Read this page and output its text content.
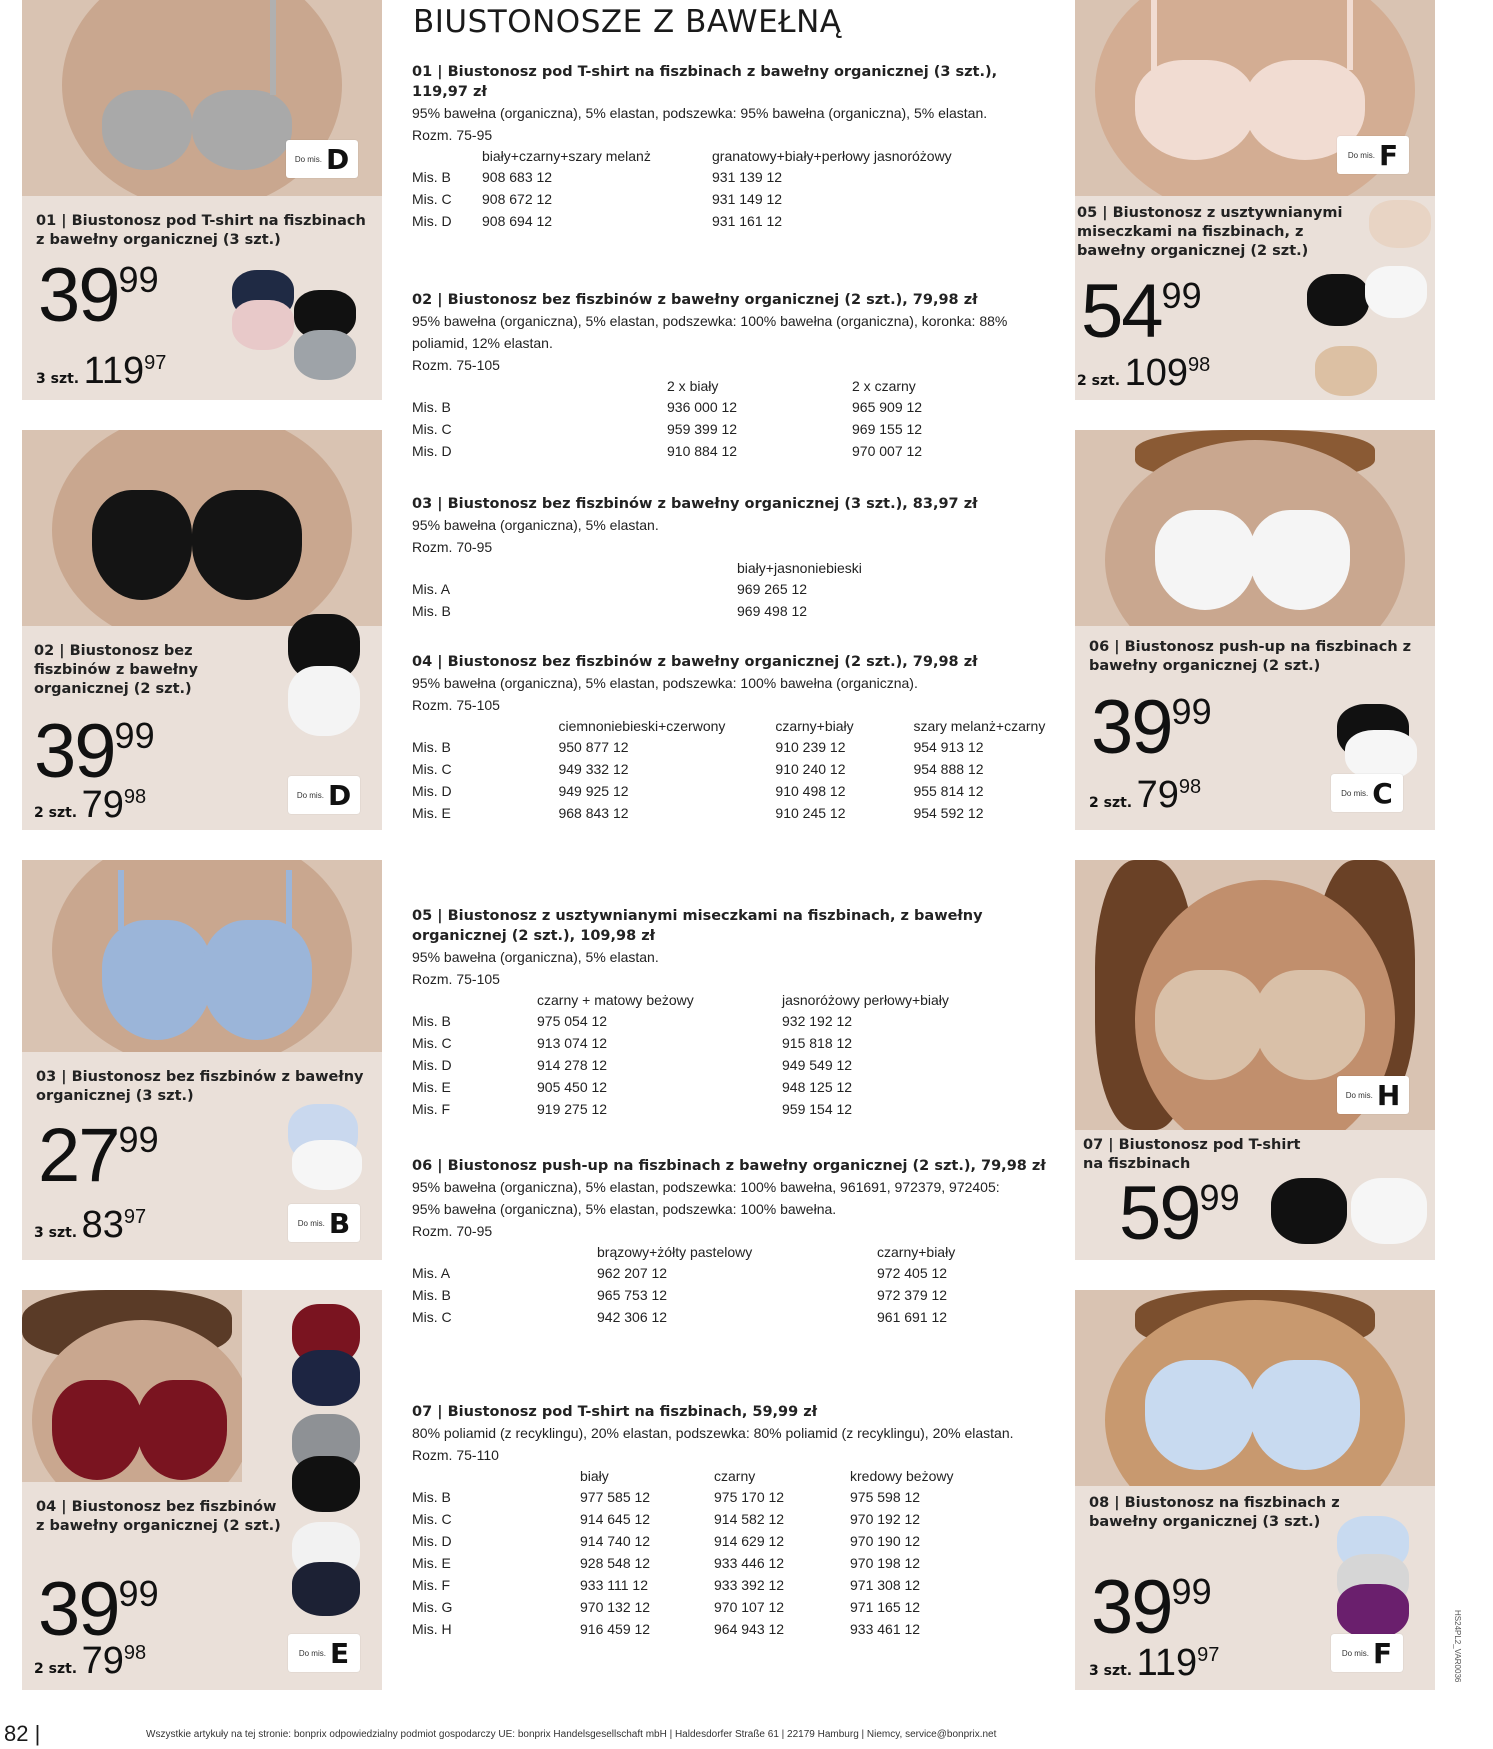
BIUSTONOSZE Z BAWEŁNĄ
Do mis. D
01 | Biustonosz pod T-shirt na fiszbinach z bawełny organicznej (3 szt.)
3999
3 szt. 11997
02 | Biustonosz bez fiszbinów z bawełny organicznej (2 szt.)
3999
2 szt. 7998	Do mis. D
03 | Biustonosz bez fiszbinów z bawełny organicznej (3 szt.)
2799
3 szt. 8397	Do mis. B
04 | Biustonosz bez fiszbinów z bawełny organicznej (2 szt.)
3999
2 szt. 7998	Do mis. E
Do mis. F
05 | Biustonosz z usztywnianymi miseczkami na fiszbinach, z bawełny organicznej (2 szt.)
5499
2 szt. 10998
06 | Biustonosz push-up na fiszbinach z bawełny organicznej (2 szt.)
3999
2 szt. 7998	Do mis. C
Do mis. H
07 | Biustonosz pod T-shirt na fiszbinach
5999
08 | Biustonosz na fiszbinach z bawełny organicznej (3 szt.)
3999
3 szt. 11997	Do mis. F
01 | Biustonosz pod T-shirt na fiszbinach z bawełny organicznej (3 szt.), 119,97 zł
95% bawełna (organiczna), 5% elastan, podszewka: 95% bawełna (organiczna), 5% elastan.
Rozm. 75-95
	biały+czarny+szary melanż	granatowy+biały+perłowy jasnoróżowy
Mis. B	908 683 12	931 139 12
Mis. C	908 672 12	931 149 12
Mis. D	908 694 12	931 161 12
02 | Biustonosz bez fiszbinów z bawełny organicznej (2 szt.), 79,98 zł
95% bawełna (organiczna), 5% elastan, podszewka: 100% bawełna (organiczna), koronka: 88% poliamid, 12% elastan.
Rozm. 75-105
	2 x biały	2 x czarny
Mis. B	936 000 12	965 909 12
Mis. C	959 399 12	969 155 12
Mis. D	910 884 12	970 007 12
03 | Biustonosz bez fiszbinów z bawełny organicznej (3 szt.), 83,97 zł
95% bawełna (organiczna), 5% elastan.
Rozm. 70-95
	biały+jasnoniebieski
Mis. A	969 265 12
Mis. B	969 498 12
04 | Biustonosz bez fiszbinów z bawełny organicznej (2 szt.), 79,98 zł
95% bawełna (organiczna), 5% elastan, podszewka: 100% bawełna (organiczna).
Rozm. 75-105
	ciemnoniebieski+czerwony	czarny+biały	szary melanż+czarny
Mis. B	950 877 12	910 239 12	954 913 12
Mis. C	949 332 12	910 240 12	954 888 12
Mis. D	949 925 12	910 498 12	955 814 12
Mis. E	968 843 12	910 245 12	954 592 12
05 | Biustonosz z usztywnianymi miseczkami na fiszbinach, z bawełny organicznej (2 szt.), 109,98 zł
95% bawełna (organiczna), 5% elastan.
Rozm. 75-105
	czarny + matowy beżowy	jasnoróżowy perłowy+biały
Mis. B	975 054 12	932 192 12
Mis. C	913 074 12	915 818 12
Mis. D	914 278 12	949 549 12
Mis. E	905 450 12	948 125 12
Mis. F	919 275 12	959 154 12
06 | Biustonosz push-up na fiszbinach z bawełny organicznej (2 szt.), 79,98 zł
95% bawełna (organiczna), 5% elastan, podszewka: 100% bawełna, 961691, 972379, 972405: 95% bawełna (organiczna), 5% elastan, podszewka: 100% bawełna.
Rozm. 70-95
	brązowy+żółty pastelowy	czarny+biały
Mis. A	962 207 12	972 405 12
Mis. B	965 753 12	972 379 12
Mis. C	942 306 12	961 691 12
07 | Biustonosz pod T-shirt na fiszbinach, 59,99 zł
80% poliamid (z recyklingu), 20% elastan, podszewka: 80% poliamid (z recyklingu), 20% elastan.
Rozm. 75-110
	biały	czarny	kredowy beżowy
Mis. B	977 585 12	975 170 12	975 598 12
Mis. C	914 645 12	914 582 12	970 192 12
Mis. D	914 740 12	914 629 12	970 190 12
Mis. E	928 548 12	933 446 12	970 198 12
Mis. F	933 111 12	933 392 12	971 308 12
Mis. G	970 132 12	970 107 12	971 165 12
Mis. H	916 459 12	964 943 12	933 461 12	HS24PL2_VAR0036
82 |	Wszystkie artykuły na tej stronie: bonprix odpowiedzialny podmiot gospodarczy UE: bonprix Handelsgesellschaft mbH | Haldesdorfer Straße 61 | 22179 Hamburg | Niemcy, service@bonprix.net
